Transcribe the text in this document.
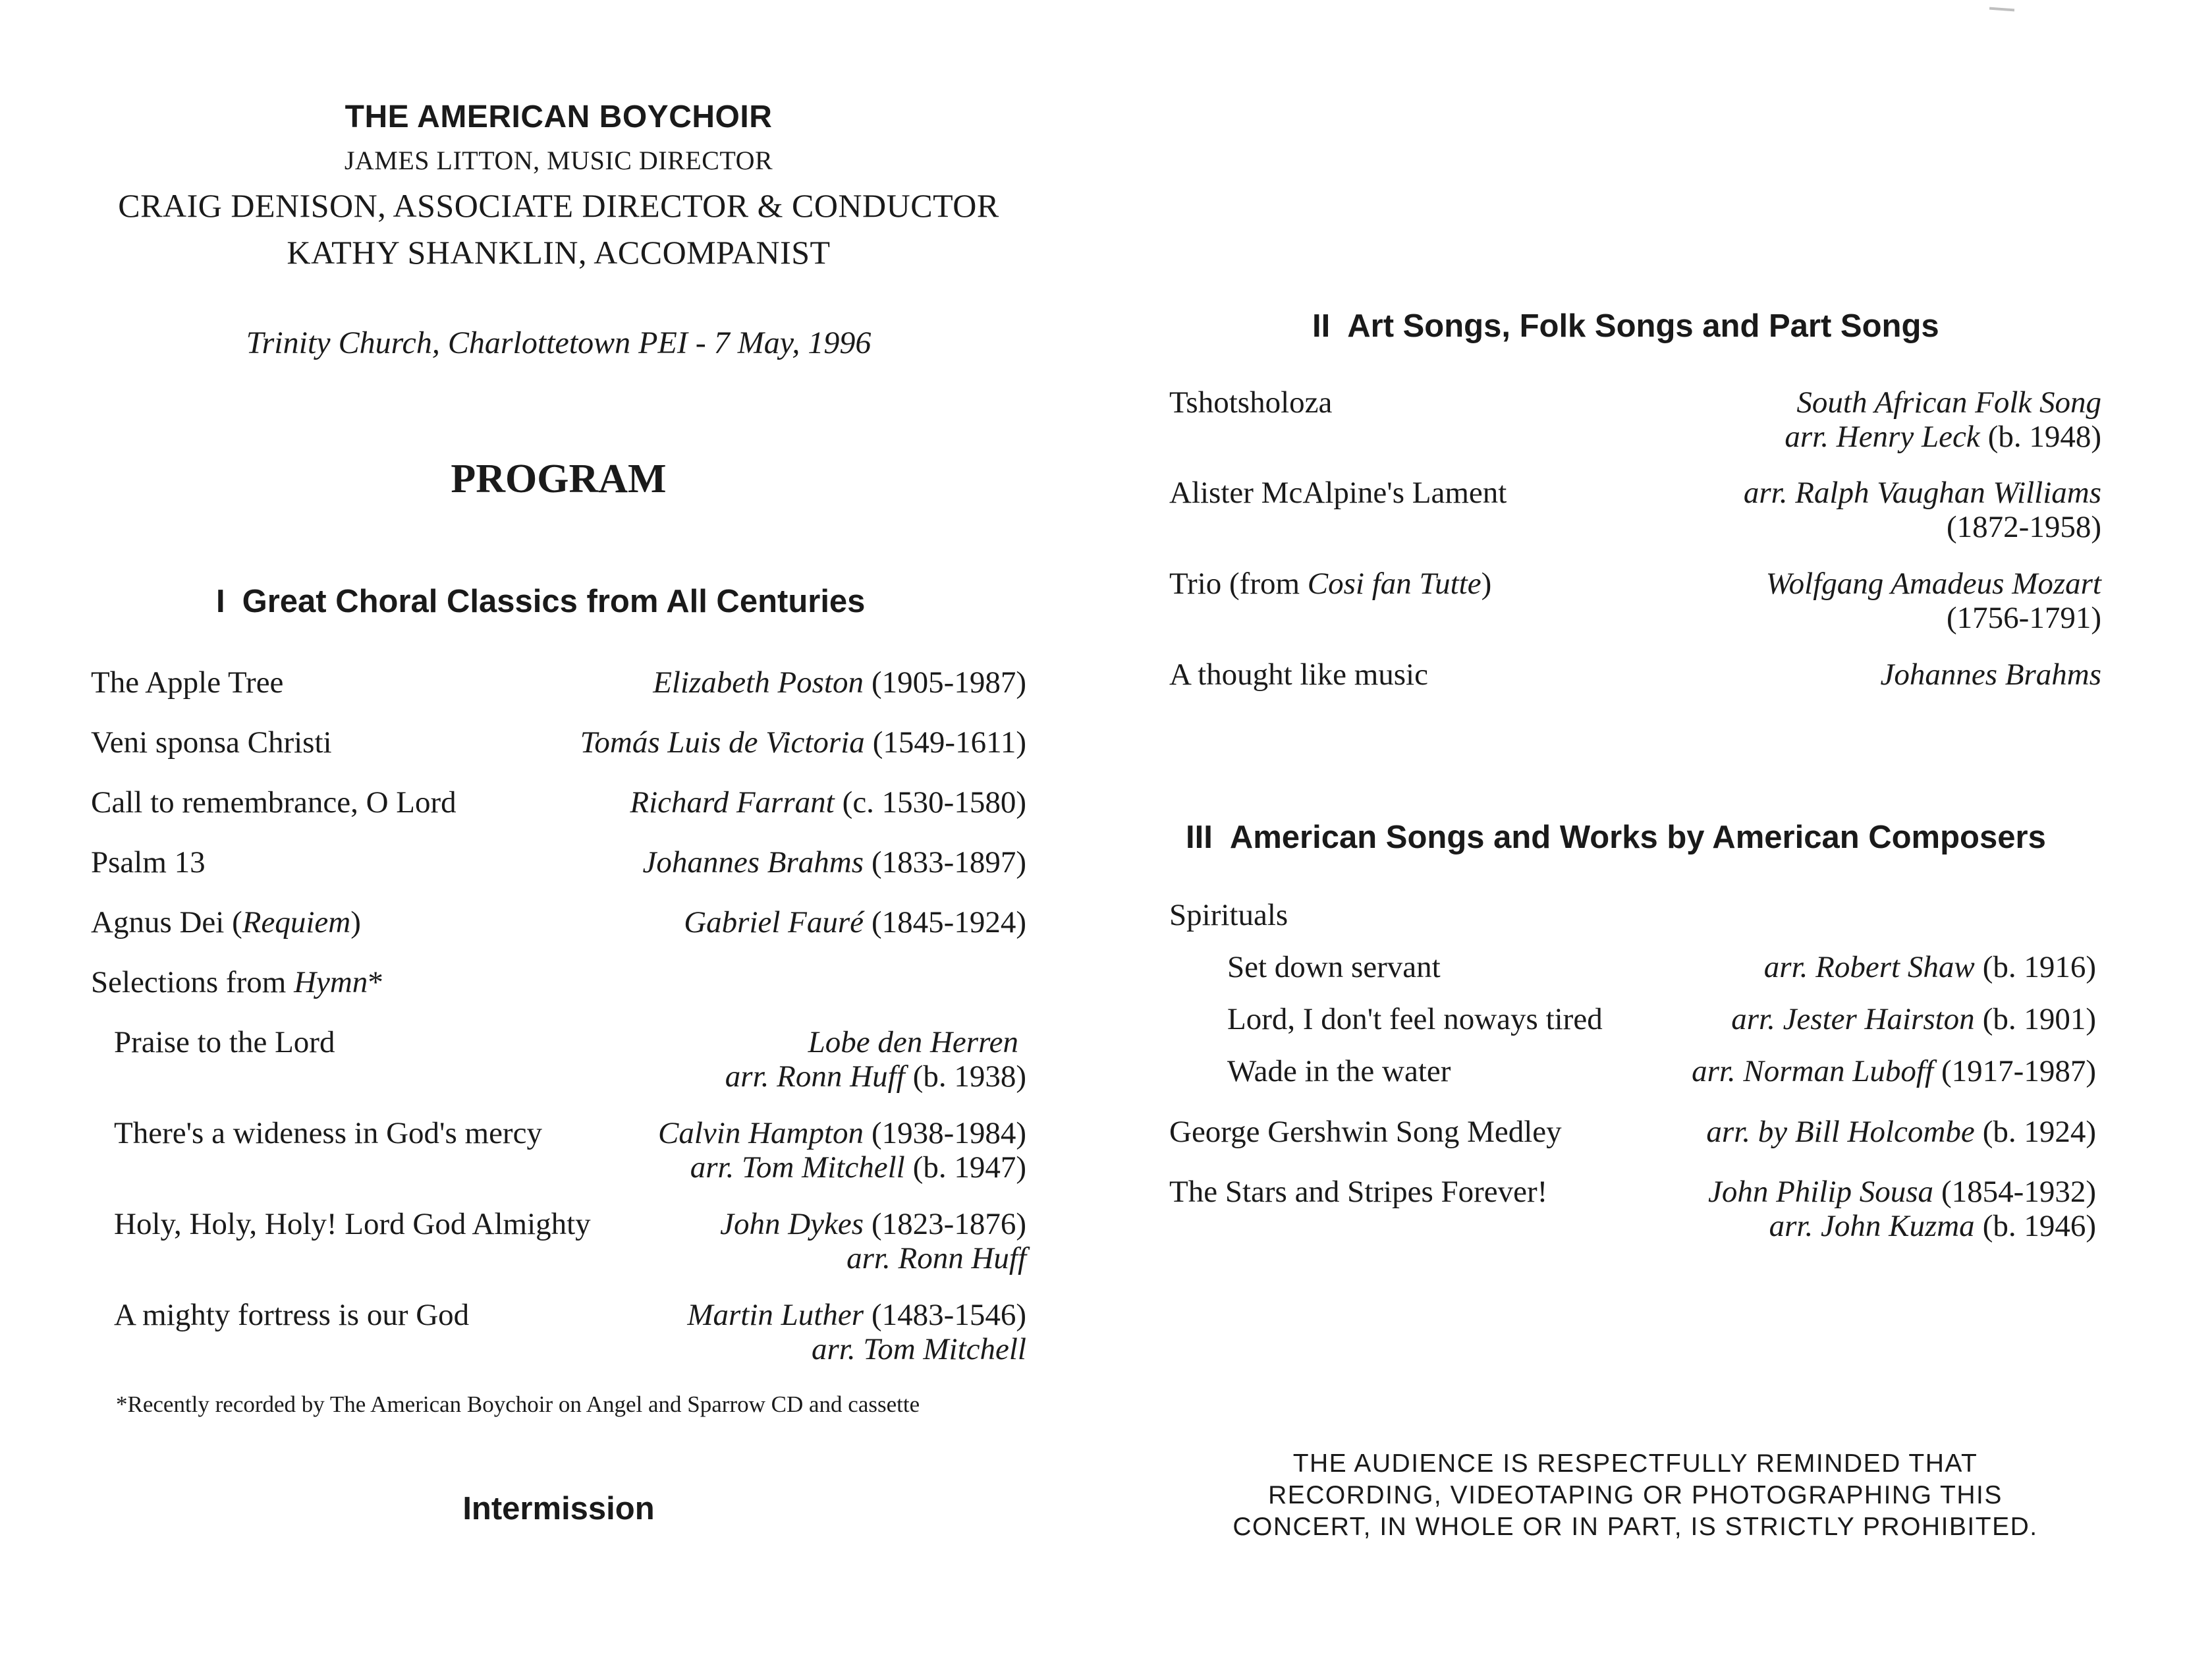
THE AMERICAN BOYCHOIR
JAMES LITTON, MUSIC DIRECTOR
CRAIG DENISON, ASSOCIATE DIRECTOR & CONDUCTOR
KATHY SHANKLIN, ACCOMPANIST
Trinity Church, Charlottetown PEI - 7 May, 1996
PROGRAM
I Great Choral Classics from All Centuries
The Apple Tree	Elizabeth Poston (1905-1987)
Veni sponsa Christi	Tomás Luis de Victoria (1549-1611)
Call to remembrance, O Lord	Richard Farrant (c. 1530-1580)
Psalm 13	Johannes Brahms (1833-1897)
Agnus Dei (Requiem)	Gabriel Fauré (1845-1924)
Selections from Hymn*
Praise to the Lord	Lobe den Herren
arr. Ronn Huff (b. 1938)
There's a wideness in God's mercy	Calvin Hampton (1938-1984)
arr. Tom Mitchell (b. 1947)
Holy, Holy, Holy! Lord God Almighty	John Dykes (1823-1876)
arr. Ronn Huff
A mighty fortress is our God	Martin Luther (1483-1546)
arr. Tom Mitchell
*Recently recorded by The American Boychoir on Angel and Sparrow CD and cassette
Intermission
II Art Songs, Folk Songs and Part Songs
Tshotsholoza	South African Folk Song
arr. Henry Leck (b. 1948)
Alister McAlpine's Lament	arr. Ralph Vaughan Williams
(1872-1958)
Trio (from Cosi fan Tutte)	Wolfgang Amadeus Mozart
(1756-1791)
A thought like music	Johannes Brahms
III American Songs and Works by American Composers
Spirituals
Set down servant	arr. Robert Shaw (b. 1916)
Lord, I don't feel noways tired	arr. Jester Hairston (b. 1901)
Wade in the water	arr. Norman Luboff (1917-1987)
George Gershwin Song Medley	arr. by Bill Holcombe (b. 1924)
The Stars and Stripes Forever!	John Philip Sousa (1854-1932)
arr. John Kuzma (b. 1946)
THE AUDIENCE IS RESPECTFULLY REMINDED THAT
RECORDING, VIDEOTAPING OR PHOTOGRAPHING THIS
CONCERT, IN WHOLE OR IN PART, IS STRICTLY PROHIBITED.
